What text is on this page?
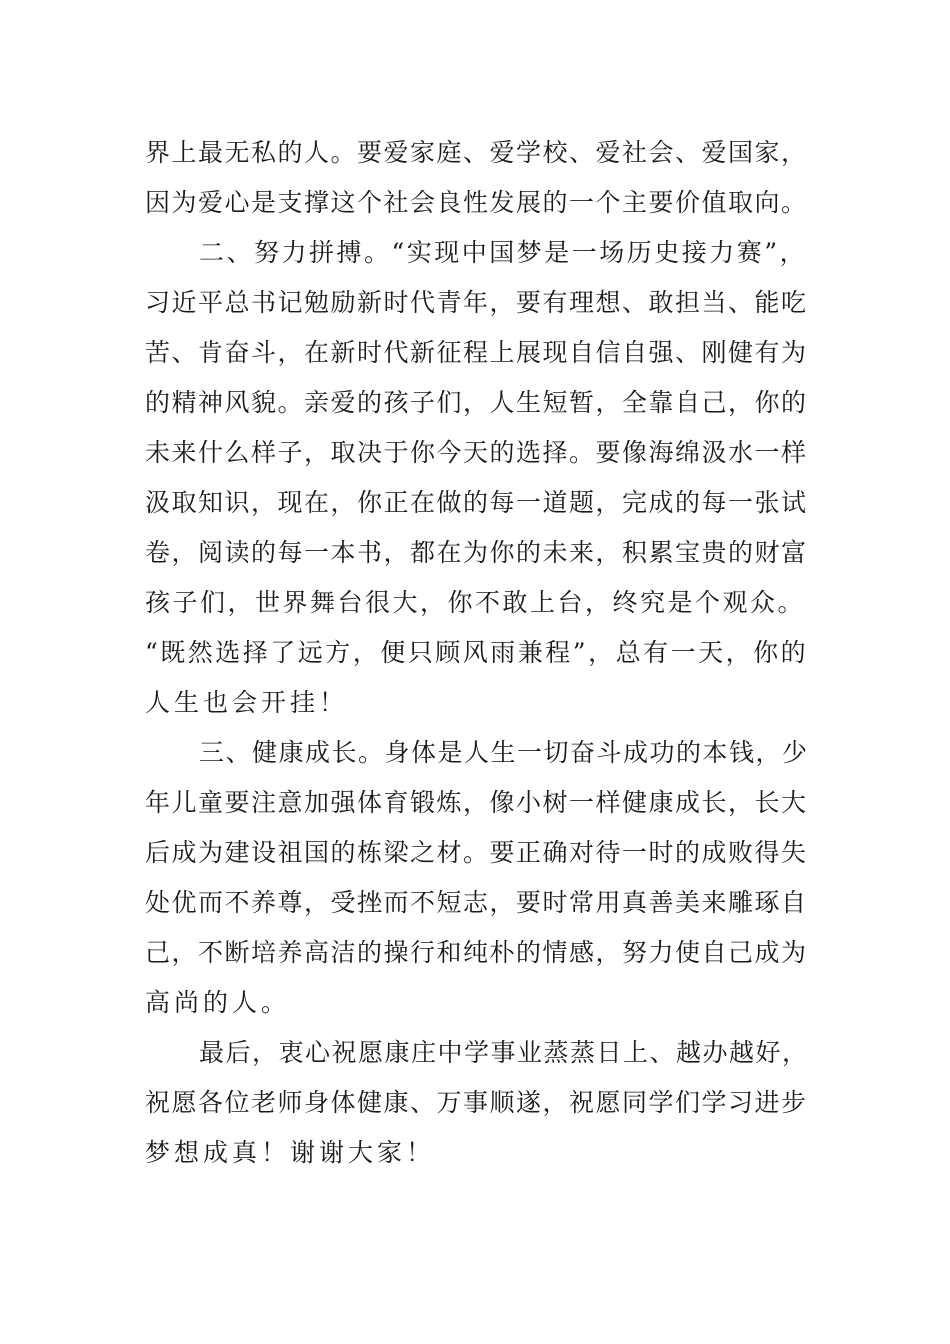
界上最无私的人。要爱家庭、爱学校、爱社会、爱国家，
因为爱心是支撑这个社会良性发展的一个主要价值取向。
二、努力拼搏。“实现中国梦是一场历史接力赛”，
习近平总书记勉励新时代青年，要有理想、敢担当、能吃
苦、肯奋斗，在新时代新征程上展现自信自强、刚健有为
的精神风貌。亲爱的孩子们，人生短暂，全靠自己，你的
未来什么样子，取决于你今天的选择。要像海绵汲水一样
汲取知识，现在，你正在做的每一道题，完成的每一张试
卷，阅读的每一本书，都在为你的未来，积累宝贵的财富
孩子们，世界舞台很大，你不敢上台，终究是个观众。
“既然选择了远方，便只顾风雨兼程”，总有一天，你的
人生也会开挂！
三、健康成长。身体是人生一切奋斗成功的本钱，少
年儿童要注意加强体育锻炼，像小树一样健康成长，长大
后成为建设祖国的栋梁之材。要正确对待一时的成败得失
处优而不养尊，受挫而不短志，要时常用真善美来雕琢自
己，不断培养高洁的操行和纯朴的情感，努力使自己成为
高尚的人。
最后，衷心祝愿康庄中学事业蒸蒸日上、越办越好，
祝愿各位老师身体健康、万事顺遂，祝愿同学们学习进步
梦想成真！谢谢大家！
